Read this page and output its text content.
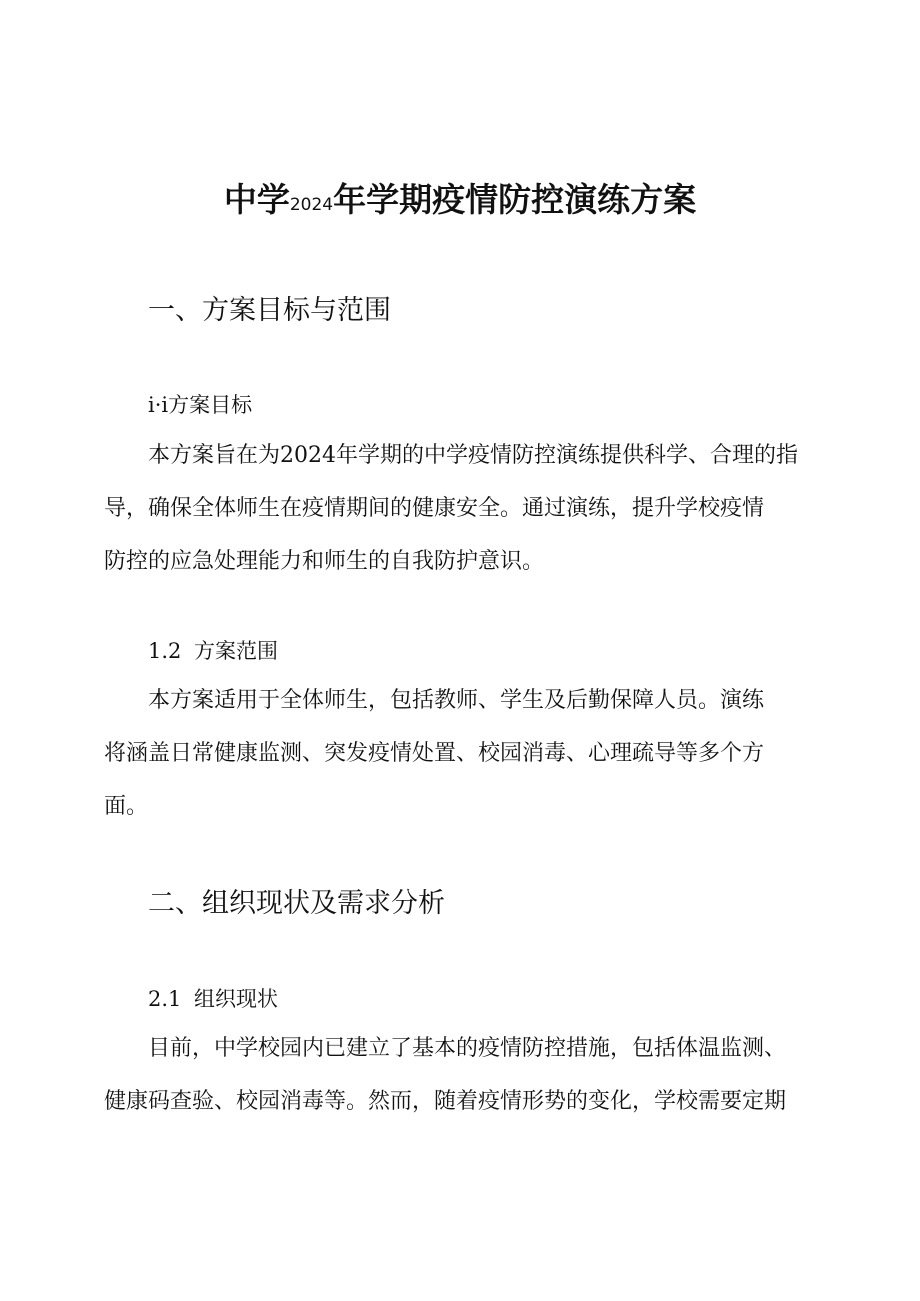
中学2024年学期疫情防控演练方案
一、方案目标与范围
i·i方案目标
本方案旨在为2024年学期的中学疫情防控演练提供科学、合理的指
导，确保全体师生在疫情期间的健康安全。通过演练，提升学校疫情
防控的应急处理能力和师生的自我防护意识。
1.2 方案范围
本方案适用于全体师生，包括教师、学生及后勤保障人员。演练
将涵盖日常健康监测、突发疫情处置、校园消毒、心理疏导等多个方
面。
二、组织现状及需求分析
2.1 组织现状
目前，中学校园内已建立了基本的疫情防控措施，包括体温监测、
健康码查验、校园消毒等。然而，随着疫情形势的变化，学校需要定期
